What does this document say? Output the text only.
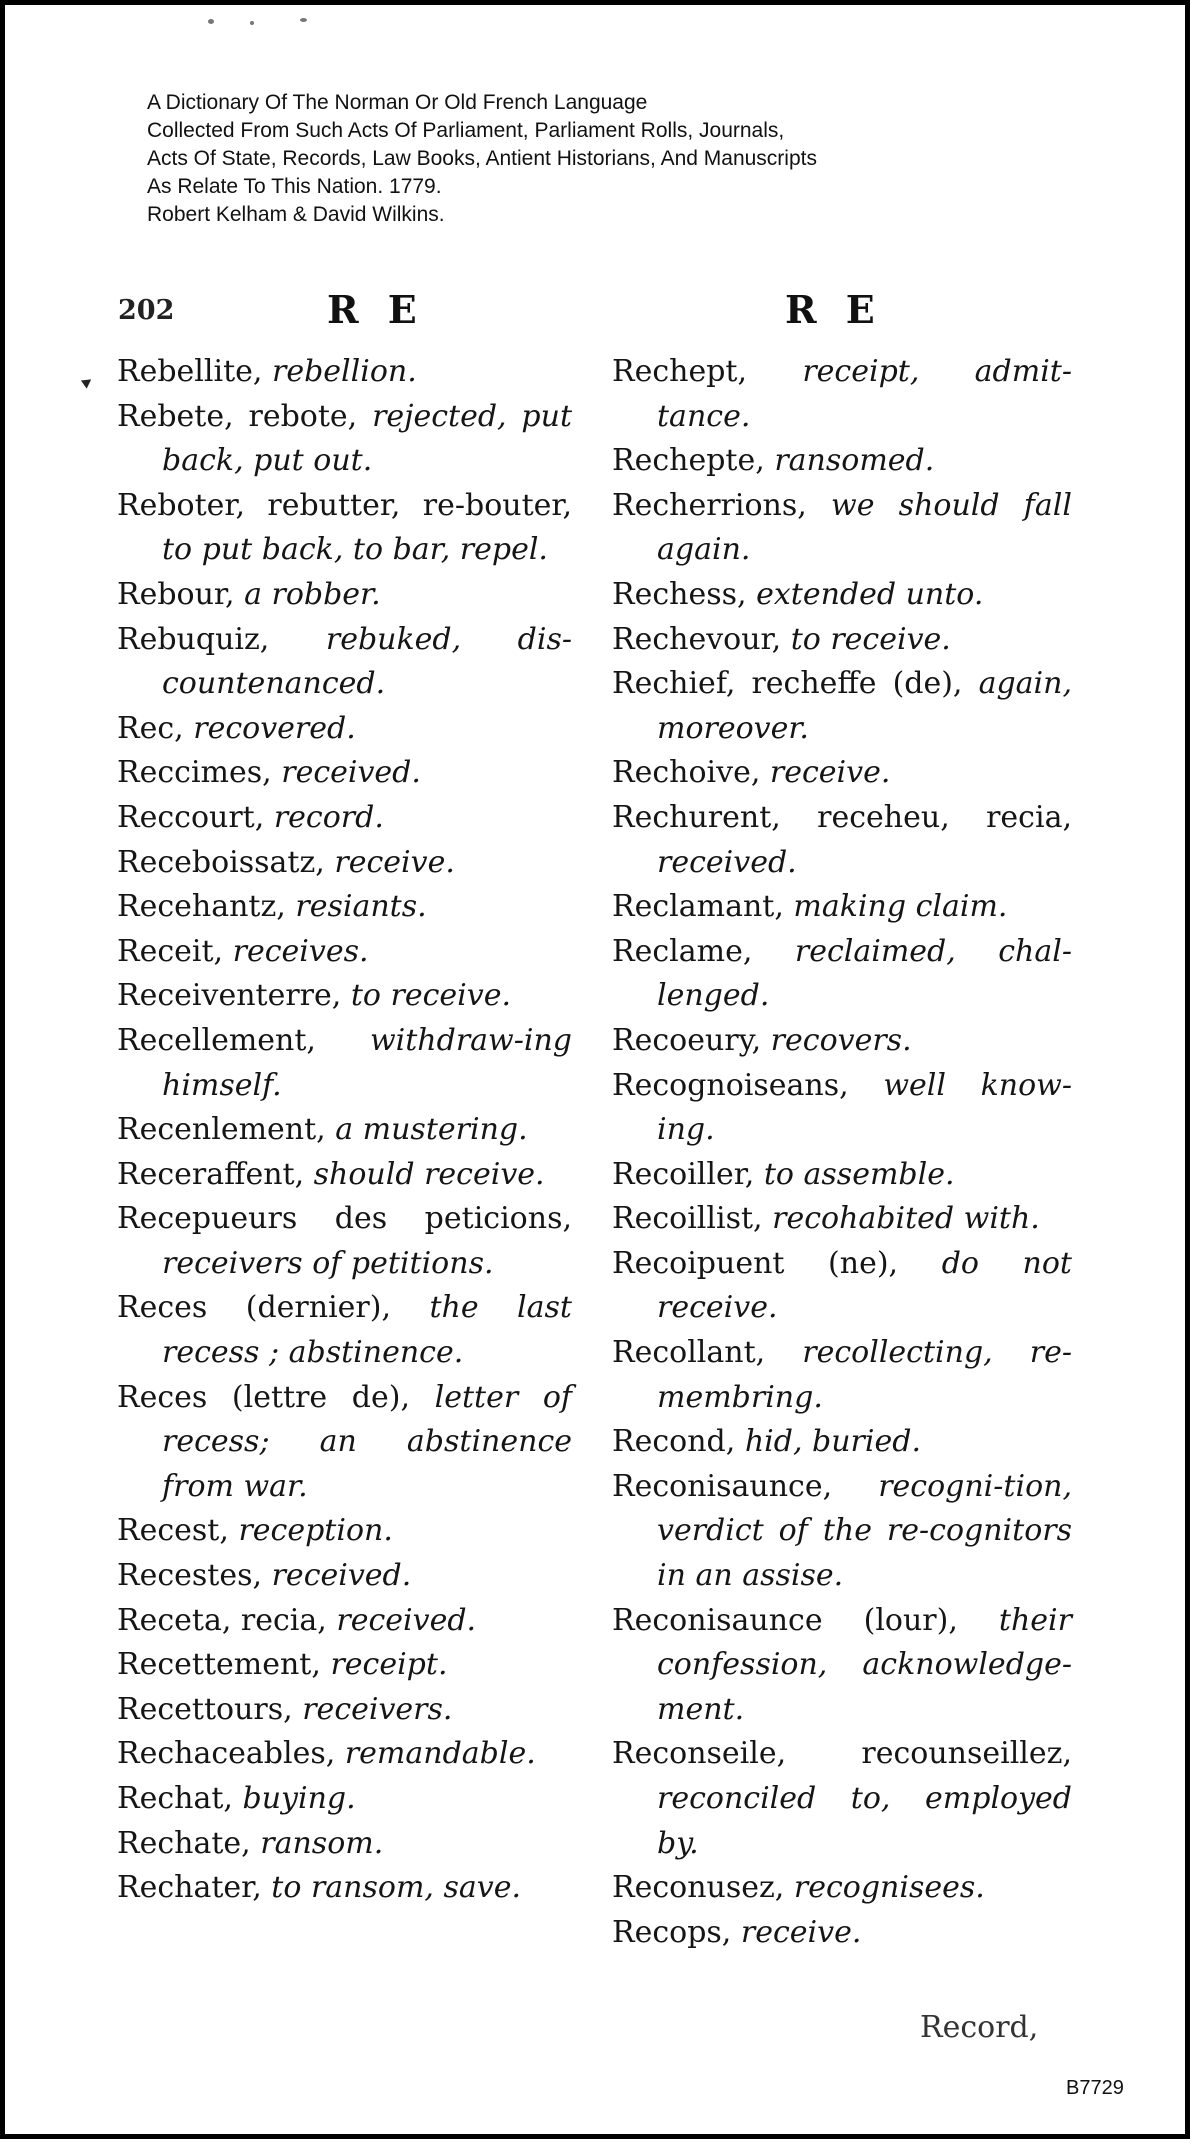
A Dictionary Of The Norman Or Old French Language
Collected From Such Acts Of Parliament, Parliament Rolls, Journals,
Acts Of State, Records, Law Books, Antient Historians, And Manuscripts
As Relate To This Nation. 1779.
Robert Kelham & David Wilkins.
202	R E	R E
Rebellite, rebellion.
Rebete, rebote, rejected, put back, put out.
Reboter, rebutter, re-bouter, to put back, to bar, repel.
Rebour, a robber.
Rebuquiz, rebuked, dis-countenanced.
Rec, recovered.
Reccimes, received.
Reccourt, record.
Receboissatz, receive.
Recehantz, resiants.
Receit, receives.
Receiventerre, to receive.
Recellement, withdraw-ing himself.
Recenlement, a mustering.
Receraffent, should receive.
Recepueurs des peticions, receivers of petitions.
Reces (dernier), the last recess ; abstinence.
Reces (lettre de), letter of recess; an abstinence from war.
Recest, reception.
Recestes, received.
Receta, recia, received.
Recettement, receipt.
Recettours, receivers.
Rechaceables, remandable.
Rechat, buying.
Rechate, ransom.
Rechater, to ransom, save.
Rechept, receipt, admit-tance.
Rechepte, ransomed.
Recherrions, we should fall again.
Rechess, extended unto.
Rechevour, to receive.
Rechief, recheffe (de), again, moreover.
Rechoive, receive.
Rechurent, receheu, recia, received.
Reclamant, making claim.
Reclame, reclaimed, chal-lenged.
Recoeury, recovers.
Recognoiseans, well know-ing.
Recoiller, to assemble.
Recoillist, recohabited with.
Recoipuent (ne), do not receive.
Recollant, recollecting, re-membring.
Recond, hid, buried.
Reconisaunce, recogni-tion, verdict of the re-cognitors in an assise.
Reconisaunce (lour), their confession, acknowledge-ment.
Reconseile, recounseillez, reconciled to, employed by.
Reconusez, recognisees.
Recops, receive.
Record,
B7729
